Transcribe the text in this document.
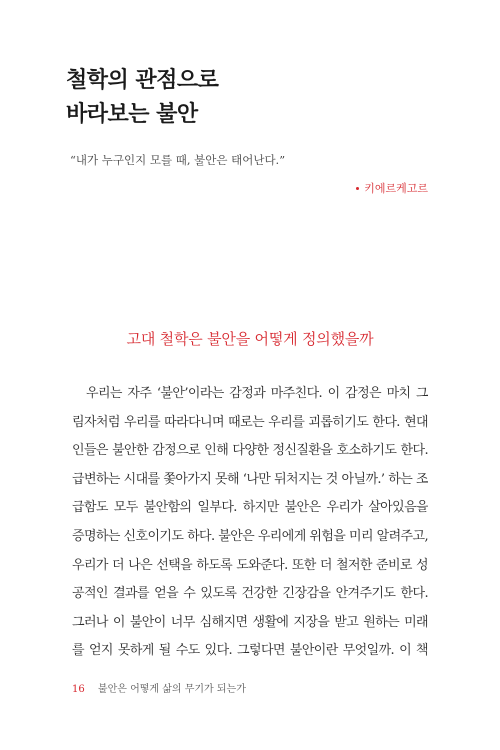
철학의 관점으로
바라보는 불안
“내가 누구인지 모를 때, 불안은 태어난다.”
키에르케고르
고대 철학은 불안을 어떻게 정의했을까
우리는 자주 ‘불안’이라는 감정과 마주친다. 이 감정은 마치 그
림자처럼 우리를 따라다니며 때로는 우리를 괴롭히기도 한다. 현대
인들은 불안한 감정으로 인해 다양한 정신질환을 호소하기도 한다.
급변하는 시대를 쫓아가지 못해 ‘나만 뒤처지는 것 아닐까.’ 하는 조
급함도 모두 불안함의 일부다. 하지만 불안은 우리가 살아있음을
증명하는 신호이기도 하다. 불안은 우리에게 위험을 미리 알려주고,
우리가 더 나은 선택을 하도록 도와준다. 또한 더 철저한 준비로 성
공적인 결과를 얻을 수 있도록 건강한 긴장감을 안겨주기도 한다.
그러나 이 불안이 너무 심해지면 생활에 지장을 받고 원하는 미래
를 얻지 못하게 될 수도 있다. 그렇다면 불안이란 무엇일까. 이 책
16 불안은 어떻게 삶의 무기가 되는가
